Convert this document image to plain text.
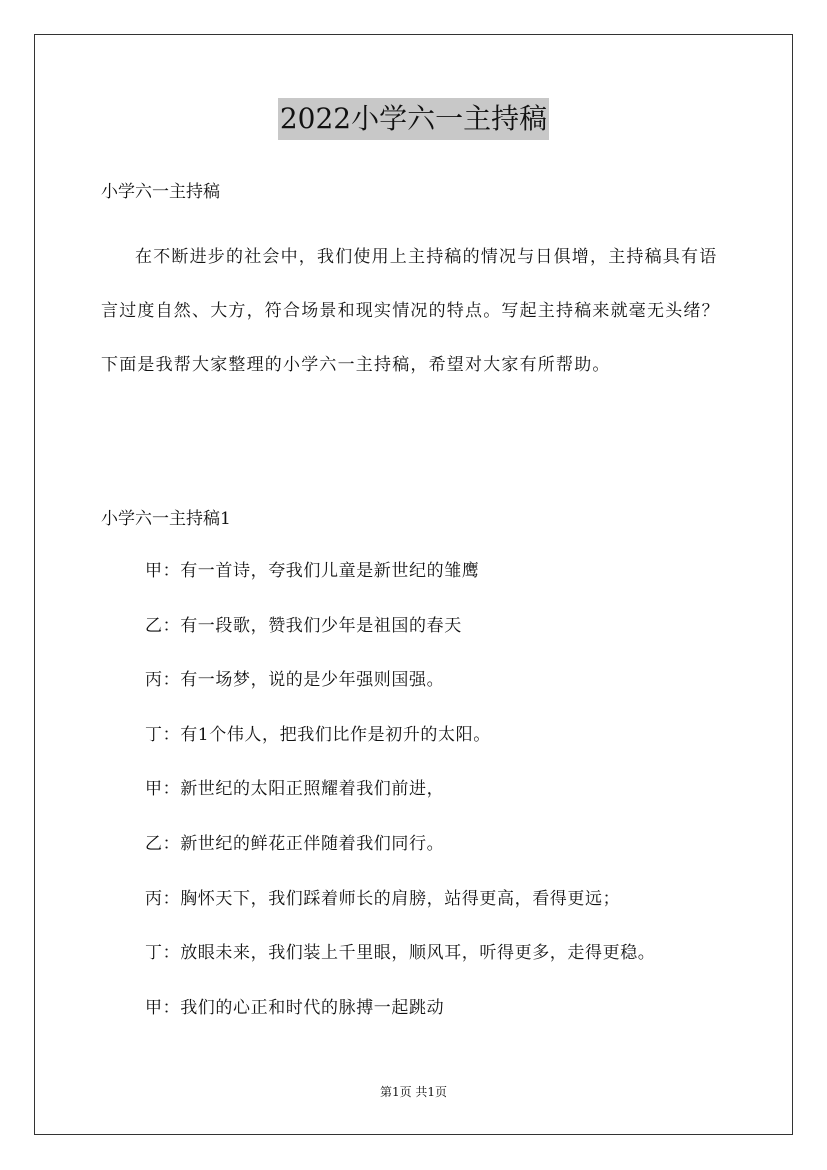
2022小学六一主持稿
小学六一主持稿

在不断进步的社会中，我们使用上主持稿的情况与日俱增，主持稿具有语言过度自然、大方，符合场景和现实情况的特点。写起主持稿来就毫无头绪？下面是我帮大家整理的小学六一主持稿，希望对大家有所帮助。

小学六一主持稿1
甲：有一首诗，夸我们儿童是新世纪的雏鹰
乙：有一段歌，赞我们少年是祖国的春天
丙：有一场梦，说的是少年强则国强。
丁：有1个伟人，把我们比作是初升的太阳。
甲：新世纪的太阳正照耀着我们前进，
乙：新世纪的鲜花正伴随着我们同行。
丙：胸怀天下，我们踩着师长的肩膀，站得更高，看得更远；
丁：放眼未来，我们装上千里眼，顺风耳，听得更多，走得更稳。
甲：我们的心正和时代的脉搏一起跳动
第1页 共1页
